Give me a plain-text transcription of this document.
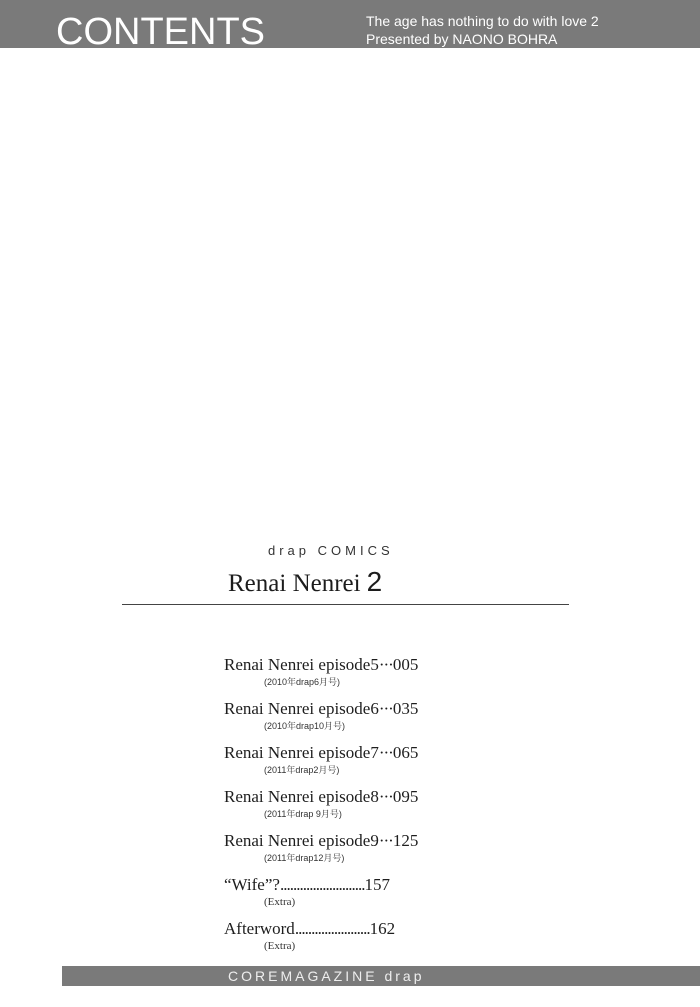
CONTENTS	The age has nothing to do with love 2
Presented by NAONO BOHRA
drap COMICS
Renai Nenrei 2
Renai Nenrei episode5···005
(2010年drap6月号)
Renai Nenrei episode6···035
(2010年drap10月号)
Renai Nenrei episode7···065
(2011年drap2月号)
Renai Nenrei episode8···095
(2011年drap 9月号)
Renai Nenrei episode9···125
(2011年drap12月号)
“Wife”?..........................157
(Extra)
Afterword.......................162
(Extra)
COREMAGAZINE drap
